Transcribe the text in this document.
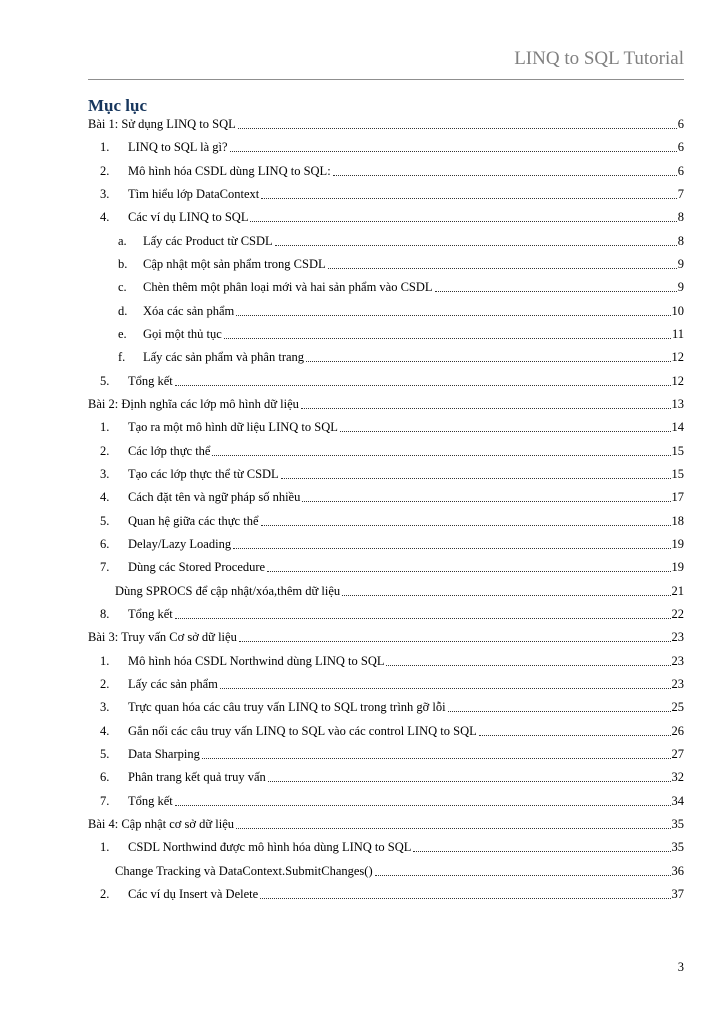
LINQ to SQL Tutorial
Mục lục
Bài 1: Sử dụng LINQ to SQL	6
1. LINQ to SQL là gì?	6
2. Mô hình hóa CSDL dùng LINQ to SQL:	6
3. Tìm hiểu lớp DataContext	7
4. Các ví dụ LINQ to SQL	8
a. Lấy các Product từ CSDL	8
b. Cập nhật một sản phẩm trong CSDL	9
c. Chèn thêm một phân loại mới và hai sản phẩm vào CSDL	9
d. Xóa các sản phẩm	10
e. Gọi một thủ tục	11
f. Lấy các sản phẩm và phân trang	12
5. Tổng kết	12
Bài 2: Định nghĩa các lớp mô hình dữ liệu	13
1. Tạo ra một mô hình dữ liệu LINQ to SQL	14
2. Các lớp thực thể	15
3. Tạo các lớp thực thể từ CSDL	15
4. Cách đặt tên và ngữ pháp số nhiều	17
5. Quan hệ giữa các thực thể	18
6. Delay/Lazy Loading	19
7. Dùng các Stored Procedure	19
Dùng SPROCS để cập nhật/xóa,thêm dữ liệu	21
8. Tổng kết	22
Bài 3: Truy vấn Cơ sở dữ liệu	23
1. Mô hình hóa CSDL Northwind dùng LINQ to SQL	23
2. Lấy các sản phẩm	23
3. Trực quan hóa các câu truy vấn LINQ to SQL trong trình gỡ lỗi	25
4. Gắn nối các câu truy vấn LINQ to SQL vào các control LINQ to SQL	26
5. Data Sharping	27
6. Phân trang kết quả truy vấn	32
7. Tổng kết	34
Bài 4: Cập nhật cơ sở dữ liệu	35
1. CSDL Northwind được mô hình hóa dùng LINQ to SQL	35
Change Tracking và DataContext.SubmitChanges()	36
2. Các ví dụ Insert và Delete	37
3
